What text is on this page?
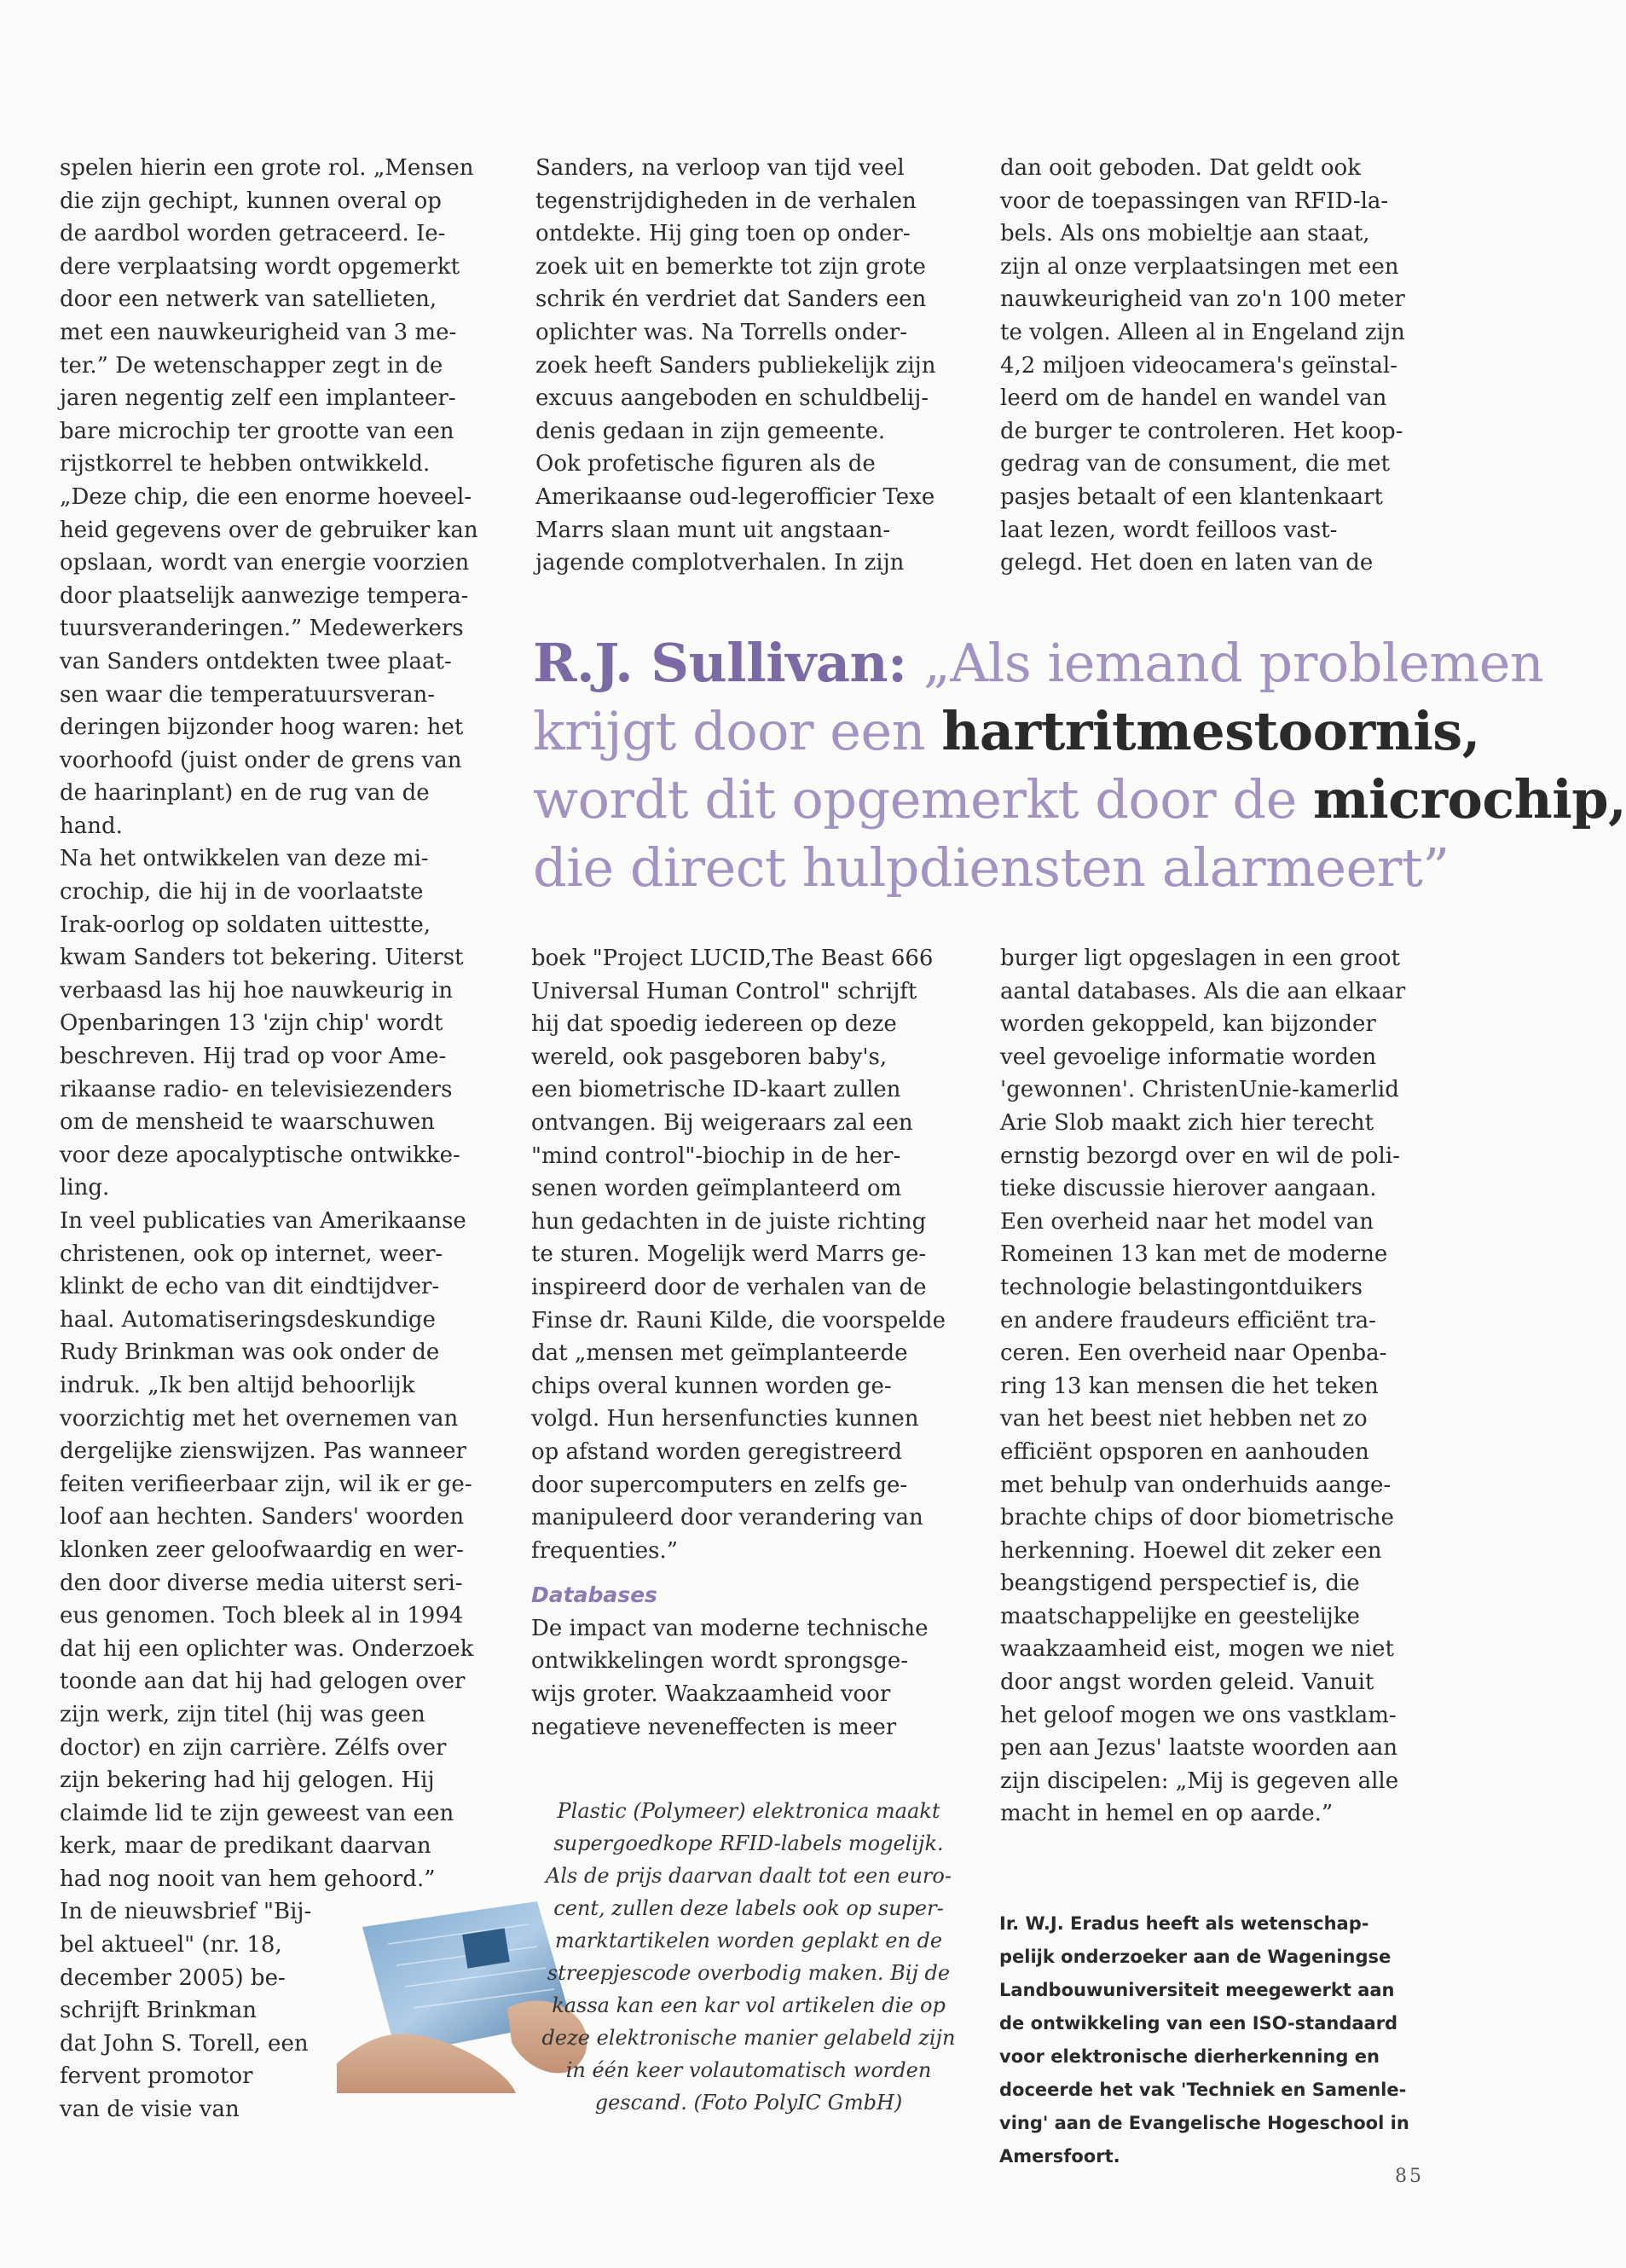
spelen hierin een grote rol. „Mensen
die zijn gechipt, kunnen overal op
de aardbol worden getraceerd. Ie-
dere verplaatsing wordt opgemerkt
door een netwerk van satellieten,
met een nauwkeurigheid van 3 me-
ter.” De wetenschapper zegt in de
jaren negentig zelf een implanteer-
bare microchip ter grootte van een
rijstkorrel te hebben ontwikkeld.
„Deze chip, die een enorme hoeveel-
heid gegevens over de gebruiker kan
opslaan, wordt van energie voorzien
door plaatselijk aanwezige tempera-
tuursveranderingen.” Medewerkers
van Sanders ontdekten twee plaat-
sen waar die temperatuursveran-
deringen bijzonder hoog waren: het
voorhoofd (juist onder de grens van
de haarinplant) en de rug van de
hand.
Na het ontwikkelen van deze mi-
crochip, die hij in de voorlaatste
Irak-oorlog op soldaten uittestte,
kwam Sanders tot bekering. Uiterst
verbaasd las hij hoe nauwkeurig in
Openbaringen 13 'zijn chip' wordt
beschreven. Hij trad op voor Ame-
rikaanse radio- en televisiezenders
om de mensheid te waarschuwen
voor deze apocalyptische ontwikke-
ling.
In veel publicaties van Amerikaanse
christenen, ook op internet, weer-
klinkt de echo van dit eindtijdver-
haal. Automatiseringsdeskundige
Rudy Brinkman was ook onder de
indruk. „Ik ben altijd behoorlijk
voorzichtig met het overnemen van
dergelijke zienswijzen. Pas wanneer
feiten verifieerbaar zijn, wil ik er ge-
loof aan hechten. Sanders' woorden
klonken zeer geloofwaardig en wer-
den door diverse media uiterst seri-
eus genomen. Toch bleek al in 1994
dat hij een oplichter was. Onderzoek
toonde aan dat hij had gelogen over
zijn werk, zijn titel (hij was geen
doctor) en zijn carrière. Zélfs over
zijn bekering had hij gelogen. Hij
claimde lid te zijn geweest van een
kerk, maar de predikant daarvan
had nog nooit van hem gehoord.”
In de nieuwsbrief "Bij-
bel aktueel" (nr. 18,
december 2005) be-
schrijft Brinkman
dat John S. Torell, een
fervent promotor
van de visie van
Sanders, na verloop van tijd veel
tegenstrijdigheden in de verhalen
ontdekte. Hij ging toen op onder-
zoek uit en bemerkte tot zijn grote
schrik én verdriet dat Sanders een
oplichter was. Na Torrells onder-
zoek heeft Sanders publiekelijk zijn
excuus aangeboden en schuldbelij-
denis gedaan in zijn gemeente.
Ook profetische figuren als de
Amerikaanse oud-legerofficier Texe
Marrs slaan munt uit angstaan-
jagende complotverhalen. In zijn
dan ooit geboden. Dat geldt ook
voor de toepassingen van RFID-la-
bels. Als ons mobieltje aan staat,
zijn al onze verplaatsingen met een
nauwkeurigheid van zo'n 100 meter
te volgen. Alleen al in Engeland zijn
4,2 miljoen videocamera's geïnstal-
leerd om de handel en wandel van
de burger te controleren. Het koop-
gedrag van de consument, die met
pasjes betaalt of een klantenkaart
laat lezen, wordt feilloos vast-
gelegd. Het doen en laten van de
R.J. Sullivan: „Als iemand problemen
krijgt door een hartritmestoornis,
wordt dit opgemerkt door de microchip,
die direct hulpdiensten alarmeert”
boek "Project LUCID,The Beast 666
Universal Human Control" schrijft
hij dat spoedig iedereen op deze
wereld, ook pasgeboren baby's,
een biometrische ID-kaart zullen
ontvangen. Bij weigeraars zal een
"mind control"-biochip in de her-
senen worden geïmplanteerd om
hun gedachten in de juiste richting
te sturen. Mogelijk werd Marrs ge-
inspireerd door de verhalen van de
Finse dr. Rauni Kilde, die voorspelde
dat „mensen met geïmplanteerde
chips overal kunnen worden ge-
volgd. Hun hersenfuncties kunnen
op afstand worden geregistreerd
door supercomputers en zelfs ge-
manipuleerd door verandering van
frequenties.”
Databases
De impact van moderne technische
ontwikkelingen wordt sprongsge-
wijs groter. Waakzaamheid voor
negatieve neveneffecten is meer
burger ligt opgeslagen in een groot
aantal databases. Als die aan elkaar
worden gekoppeld, kan bijzonder
veel gevoelige informatie worden
'gewonnen'. ChristenUnie-kamerlid
Arie Slob maakt zich hier terecht
ernstig bezorgd over en wil de poli-
tieke discussie hierover aangaan.
Een overheid naar het model van
Romeinen 13 kan met de moderne
technologie belastingontduikers
en andere fraudeurs efficiënt tra-
ceren. Een overheid naar Openba-
ring 13 kan mensen die het teken
van het beest niet hebben net zo
efficiënt opsporen en aanhouden
met behulp van onderhuids aange-
brachte chips of door biometrische
herkenning. Hoewel dit zeker een
beangstigend perspectief is, die
maatschappelijke en geestelijke
waakzaamheid eist, mogen we niet
door angst worden geleid. Vanuit
het geloof mogen we ons vastklam-
pen aan Jezus' laatste woorden aan
zijn discipelen: „Mij is gegeven alle
macht in hemel en op aarde.”
Plastic (Polymeer) elektronica maakt
supergoedkope RFID-labels mogelijk.
Als de prijs daarvan daalt tot een euro-
cent, zullen deze labels ook op super-
marktartikelen worden geplakt en de
streepjescode overbodig maken. Bij de
kassa kan een kar vol artikelen die op
deze elektronische manier gelabeld zijn
in één keer volautomatisch worden
gescand. (Foto PolyIC GmbH)
Ir. W.J. Eradus heeft als wetenschap-
pelijk onderzoeker aan de Wageningse
Landbouwuniversiteit meegewerkt aan
de ontwikkeling van een ISO-standaard
voor elektronische dierherkenning en
doceerde het vak 'Techniek en Samenle-
ving' aan de Evangelische Hogeschool in
Amersfoort.
85
